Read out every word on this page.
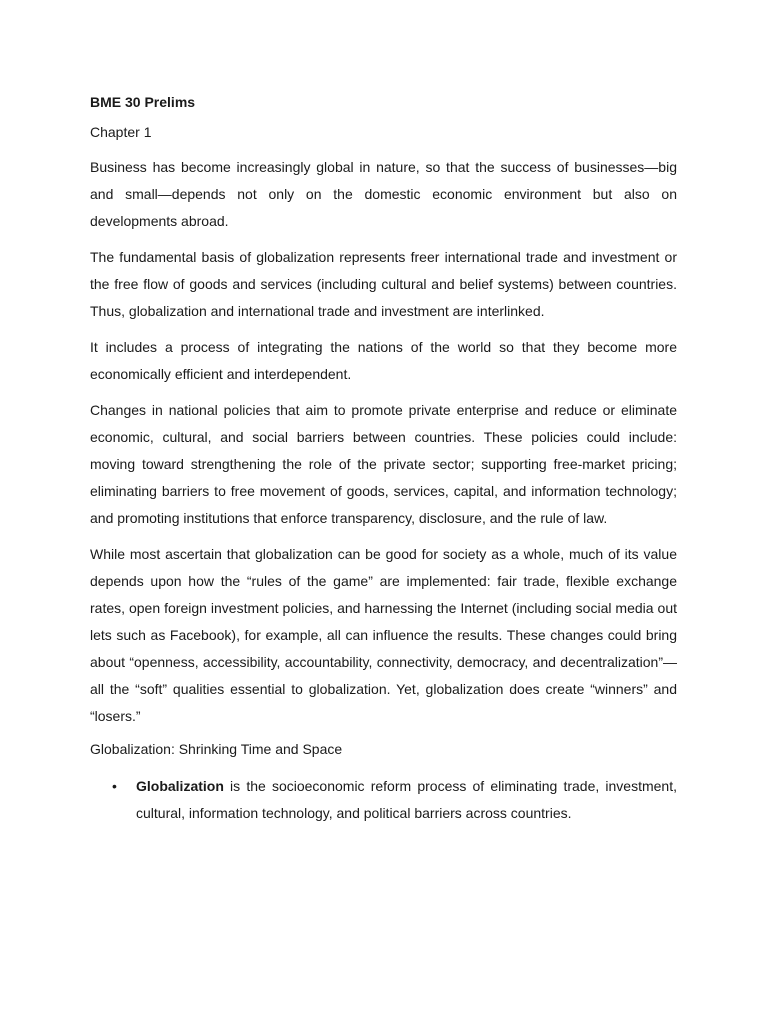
BME 30 Prelims
Chapter 1

Business has become increasingly global in nature, so that the success of businesses—big and small—depends not only on the domestic economic environment but also on developments abroad.

The fundamental basis of globalization represents freer international trade and investment or the free flow of goods and services (including cultural and belief systems) between countries. Thus, globalization and international trade and investment are interlinked.

It includes a process of integrating the nations of the world so that they become more economically efficient and interdependent.

Changes in national policies that aim to promote private enterprise and reduce or eliminate economic, cultural, and social barriers between countries. These policies could include: moving toward strengthening the role of the private sector; supporting free-market pricing; eliminating barriers to free movement of goods, services, capital, and information technology; and promoting institutions that enforce transparency, disclosure, and the rule of law.

While most ascertain that globalization can be good for society as a whole, much of its value depends upon how the “rules of the game” are implemented: fair trade, flexible exchange rates, open foreign investment policies, and harnessing the Internet (including social media out lets such as Facebook), for example, all can influence the results. These changes could bring about “openness, accessibility, accountability, connectivity, democracy, and decentralization”—all the “soft” qualities essential to globalization. Yet, globalization does create “winners” and “losers.”

Globalization: Shrinking Time and Space
• Globalization is the socioeconomic reform process of eliminating trade, investment, cultural, information technology, and political barriers across countries.
